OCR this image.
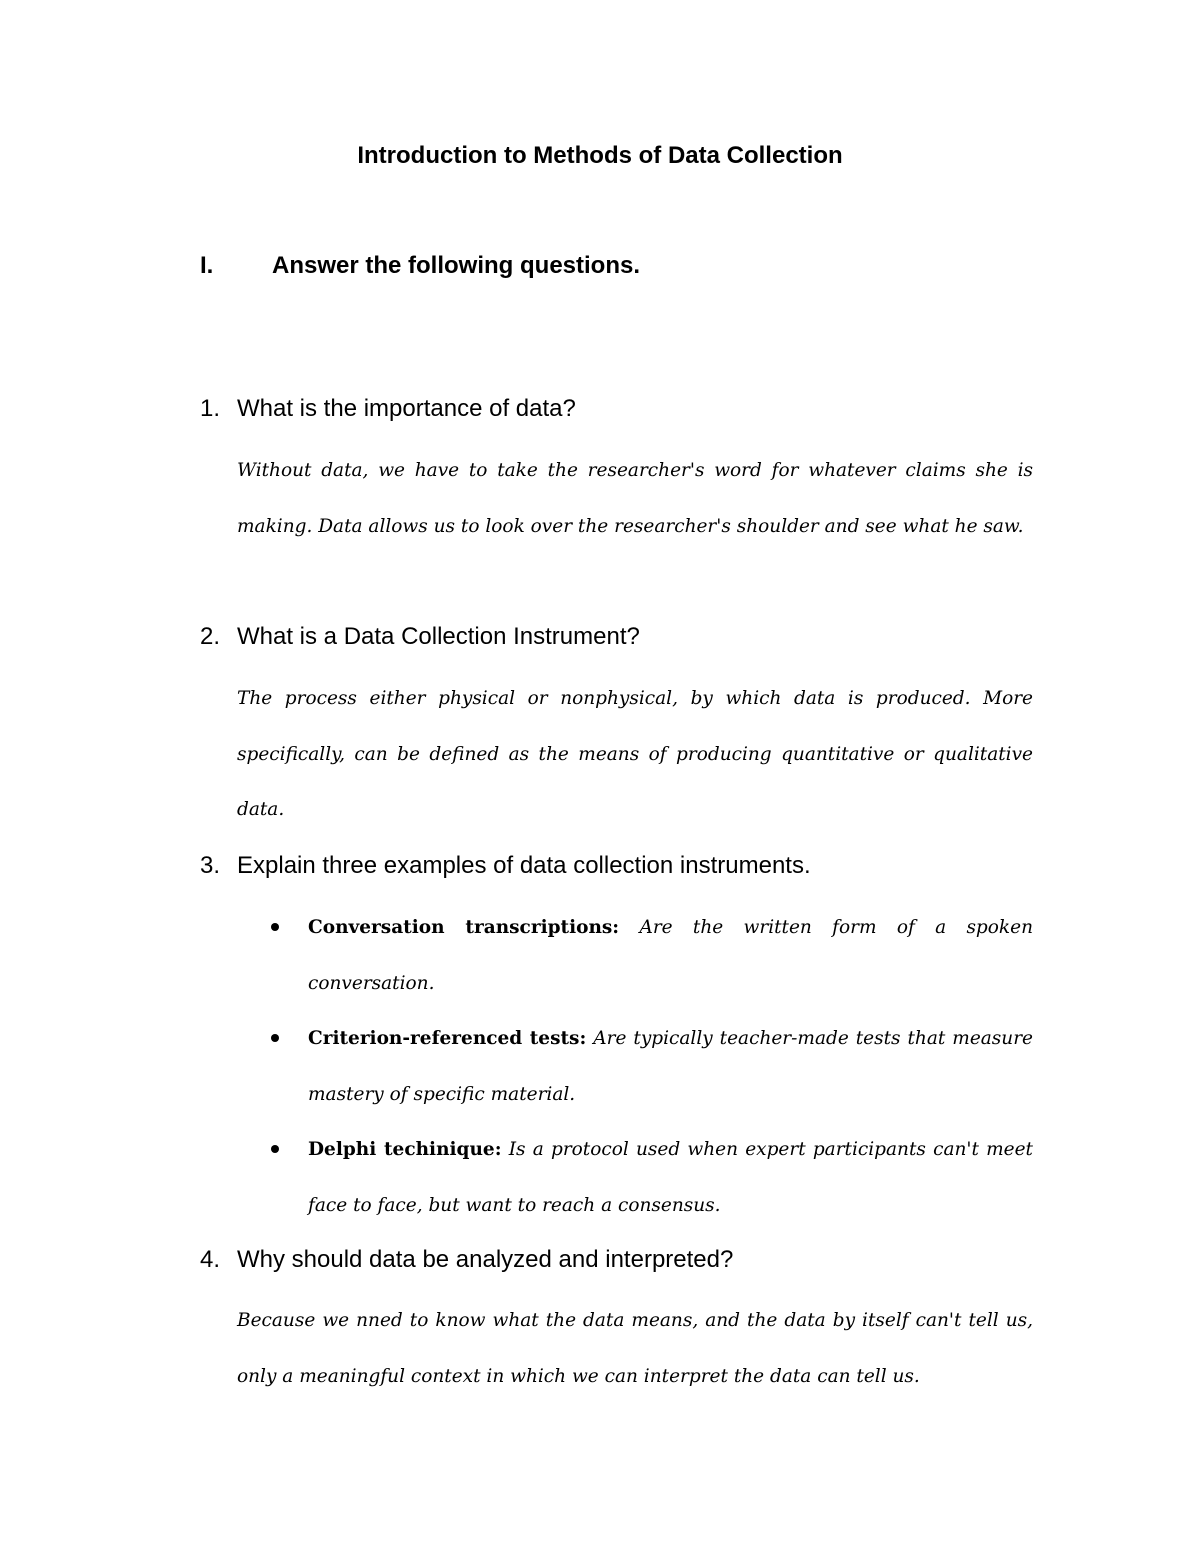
Introduction to Methods of Data Collection
I. Answer the following questions.
1. What is the importance of data?

Without data, we have to take the researcher's word for whatever claims she is making. Data allows us to look over the researcher's shoulder and see what he saw.

2. What is a Data Collection Instrument?

The process either physical or nonphysical, by which data is produced. More specifically, can be defined as the means of producing quantitative or qualitative data.

3. Explain three examples of data collection instruments.
Conversation transcriptions: Are the written form of a spoken conversation.
Criterion-referenced tests: Are typically teacher-made tests that measure mastery of specific material.
Delphi techinique: Is a protocol used when expert participants can't meet face to face, but want to reach a consensus.
4. Why should data be analyzed and interpreted?

Because we nned to know what the data means, and the data by itself can't tell us, only a meaningful context in which we can interpret the data can tell us.
